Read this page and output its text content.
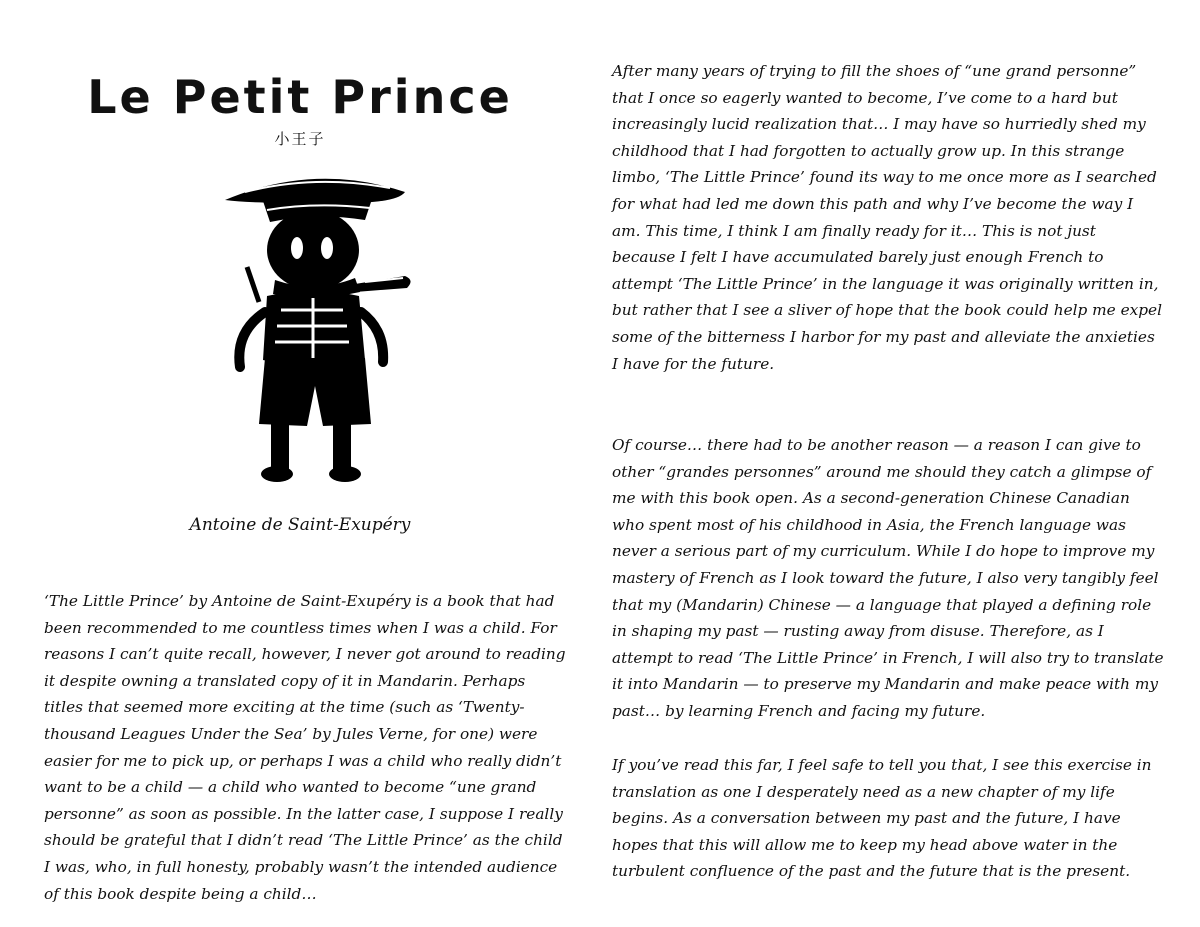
Le Petit Prince
小王子
Antoine de Saint-Exupéry

‘The Little Prince’ by Antoine de Saint-Exupéry is a book that had been recommended to me countless times when I was a child. For reasons I can’t quite recall, however, I never got around to reading it despite owning a translated copy of it in Mandarin. Perhaps titles that seemed more exciting at the time (such as ‘Twenty-thousand Leagues Under the Sea’ by Jules Verne, for one) were easier for me to pick up, or perhaps I was a child who really didn’t want to be a child — a child who wanted to become “une grand personne” as soon as possible. In the latter case, I suppose I really should be grateful that I didn’t read ‘The Little Prince’ as the child I was, who, in full honesty, probably wasn’t the intended audience of this book despite being a child…

After many years of trying to fill the shoes of “une grand personne” that I once so eagerly wanted to become, I’ve come to a hard but increasingly lucid realization that… I may have so hurriedly shed my childhood that I had forgotten to actually grow up. In this strange limbo, ‘The Little Prince’ found its way to me once more as I searched for what had led me down this path and why I’ve become the way I am. This time, I think I am finally ready for it… This is not just because I felt I have accumulated barely just enough French to attempt ‘The Little Prince’ in the language it was originally written in, but rather that I see a sliver of hope that the book could help me expel some of the bitterness I harbor for my past and alleviate the anxieties I have for the future.

Of course… there had to be another reason — a reason I can give to other “grandes personnes” around me should they catch a glimpse of me with this book open. As a second-generation Chinese Canadian who spent most of his childhood in Asia, the French language was never a serious part of my curriculum. While I do hope to improve my mastery of French as I look toward the future, I also very tangibly feel that my (Mandarin) Chinese — a language that played a defining role in shaping my past — rusting away from disuse. Therefore, as I attempt to read ‘The Little Prince’ in French, I will also try to translate it into Mandarin — to preserve my Mandarin and make peace with my past… by learning French and facing my future.

If you’ve read this far, I feel safe to tell you that, I see this exercise in translation as one I desperately need as a new chapter of my life begins. As a conversation between my past and the future, I have hopes that this will allow me to keep my head above water in the turbulent confluence of the past and the future that is the present.
